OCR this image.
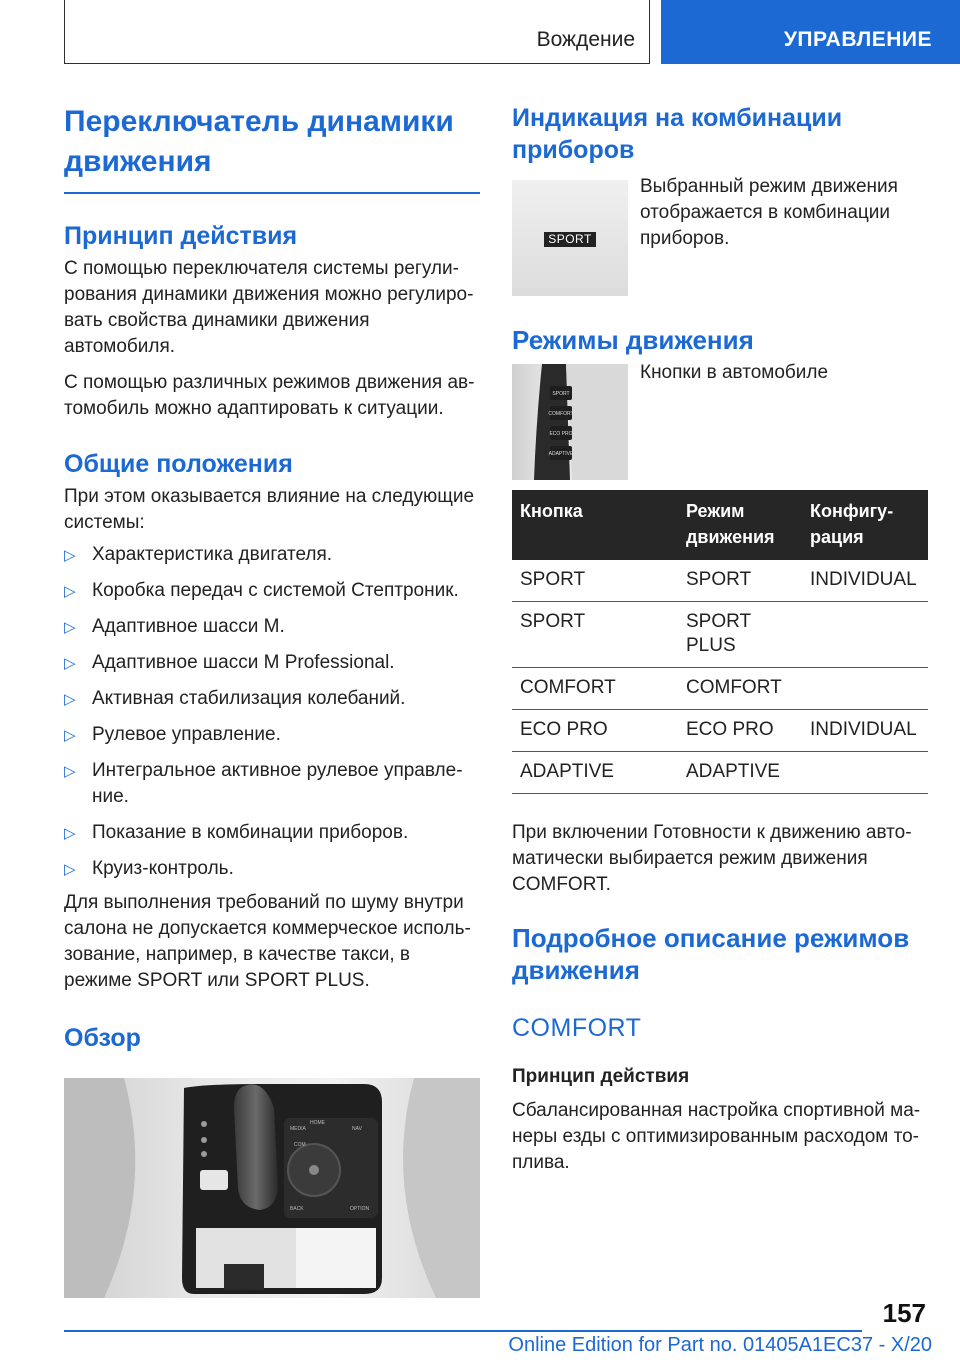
Вождение	УПРАВЛЕНИЕ
Переключатель динамики движения
Принцип действия

С помощью переключателя системы регулирования динамики движения можно регулировать свойства динамики движения автомобиля.

С помощью различных режимов движения автомобиль можно адаптировать к ситуации.

Общие положения

При этом оказывается влияние на следующие системы:

▷ Характеристика двигателя.
▷ Коробка передач с системой Стептроник.
▷ Адаптивное шасси M.
▷ Адаптивное шасси M Professional.
▷ Активная стабилизация колебаний.
▷ Рулевое управление.
▷ Интегральное активное рулевое управление.
▷ Показание в комбинации приборов.
▷ Круиз-контроль.

Для выполнения требований по шуму внутри салона не допускается коммерческое использование, например, в качестве такси, в режиме SPORT или SPORT PLUS.

Обзор
MEDIA
HOME
NAV
COM
BACK	OPTION
Индикация на комбинации приборов
SPORT

Выбранный режим движения отображается в комбинации приборов.

Режимы движения
SPORT
COMFORT
ECO PRO
ADAPTIVE

Кнопки в автомобиле

Кнопка	Режим движения	Конфигурация
SPORT	SPORT	INDIVIDUAL
SPORT	SPORT PLUS	
COMFORT	COMFORT	
ECO PRO	ECO PRO	INDIVIDUAL
ADAPTIVE	ADAPTIVE	

При включении Готовности к движению автоматически выбирается режим движения COMFORT.

Подробное описание режимов движения
COMFORT
Принцип действия

Сбалансированная настройка спортивной манеры езды с оптимизированным расходом топлива.

157
Online Edition for Part no. 01405A1EC37 - X/20
